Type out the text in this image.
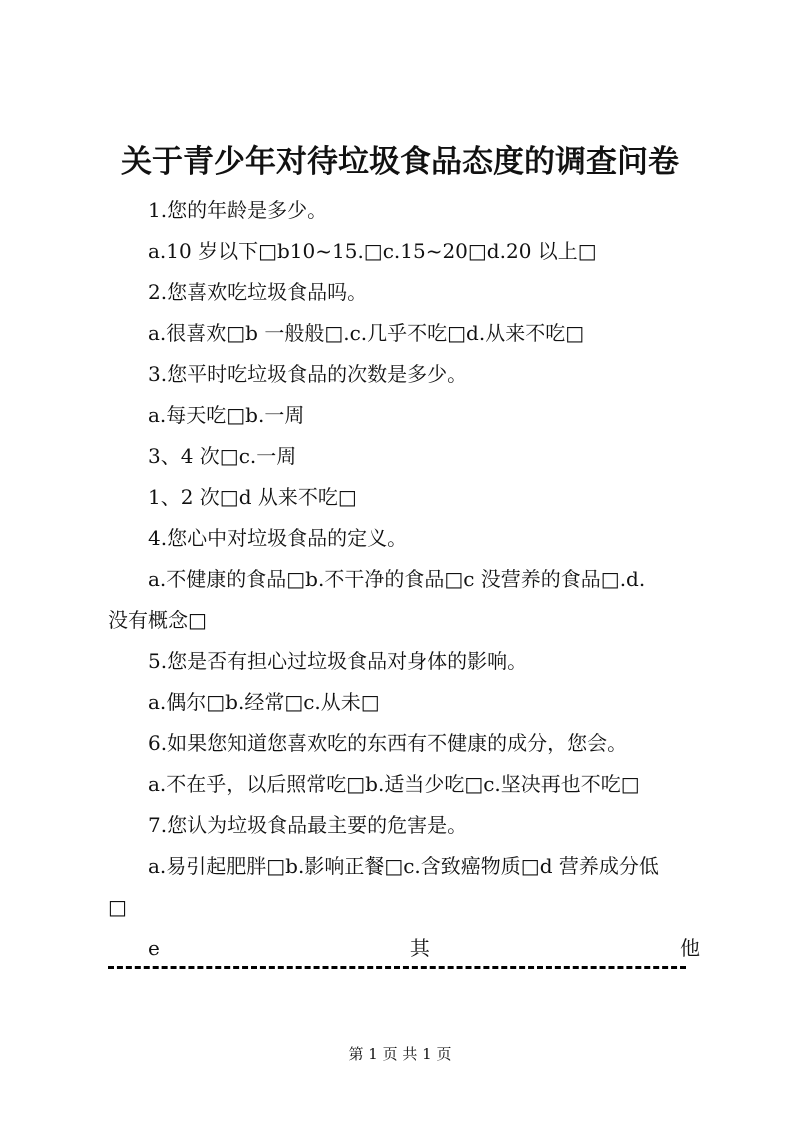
关于青少年对待垃圾食品态度的调查问卷
1.您的年龄是多少。
a.10 岁以下□b10~15.□c.15~20□d.20 以上□
2.您喜欢吃垃圾食品吗。
a.很喜欢□b 一般般□.c.几乎不吃□d.从来不吃□
3.您平时吃垃圾食品的次数是多少。
a.每天吃□b.一周
3、4 次□c.一周
1、2 次□d 从来不吃□
4.您心中对垃圾食品的定义。
a.不健康的食品□b.不干净的食品□c 没营养的食品□.d.
没有概念□
5.您是否有担心过垃圾食品对身体的影响。
a.偶尔□b.经常□c.从未□
6.如果您知道您喜欢吃的东西有不健康的成分，您会。
a.不在乎，以后照常吃□b.适当少吃□c.坚决再也不吃□
7.您认为垃圾食品最主要的危害是。
a.易引起肥胖□b.影响正餐□c.含致癌物质□d 营养成分低
□
e	其	他
第 1 页 共 1 页
